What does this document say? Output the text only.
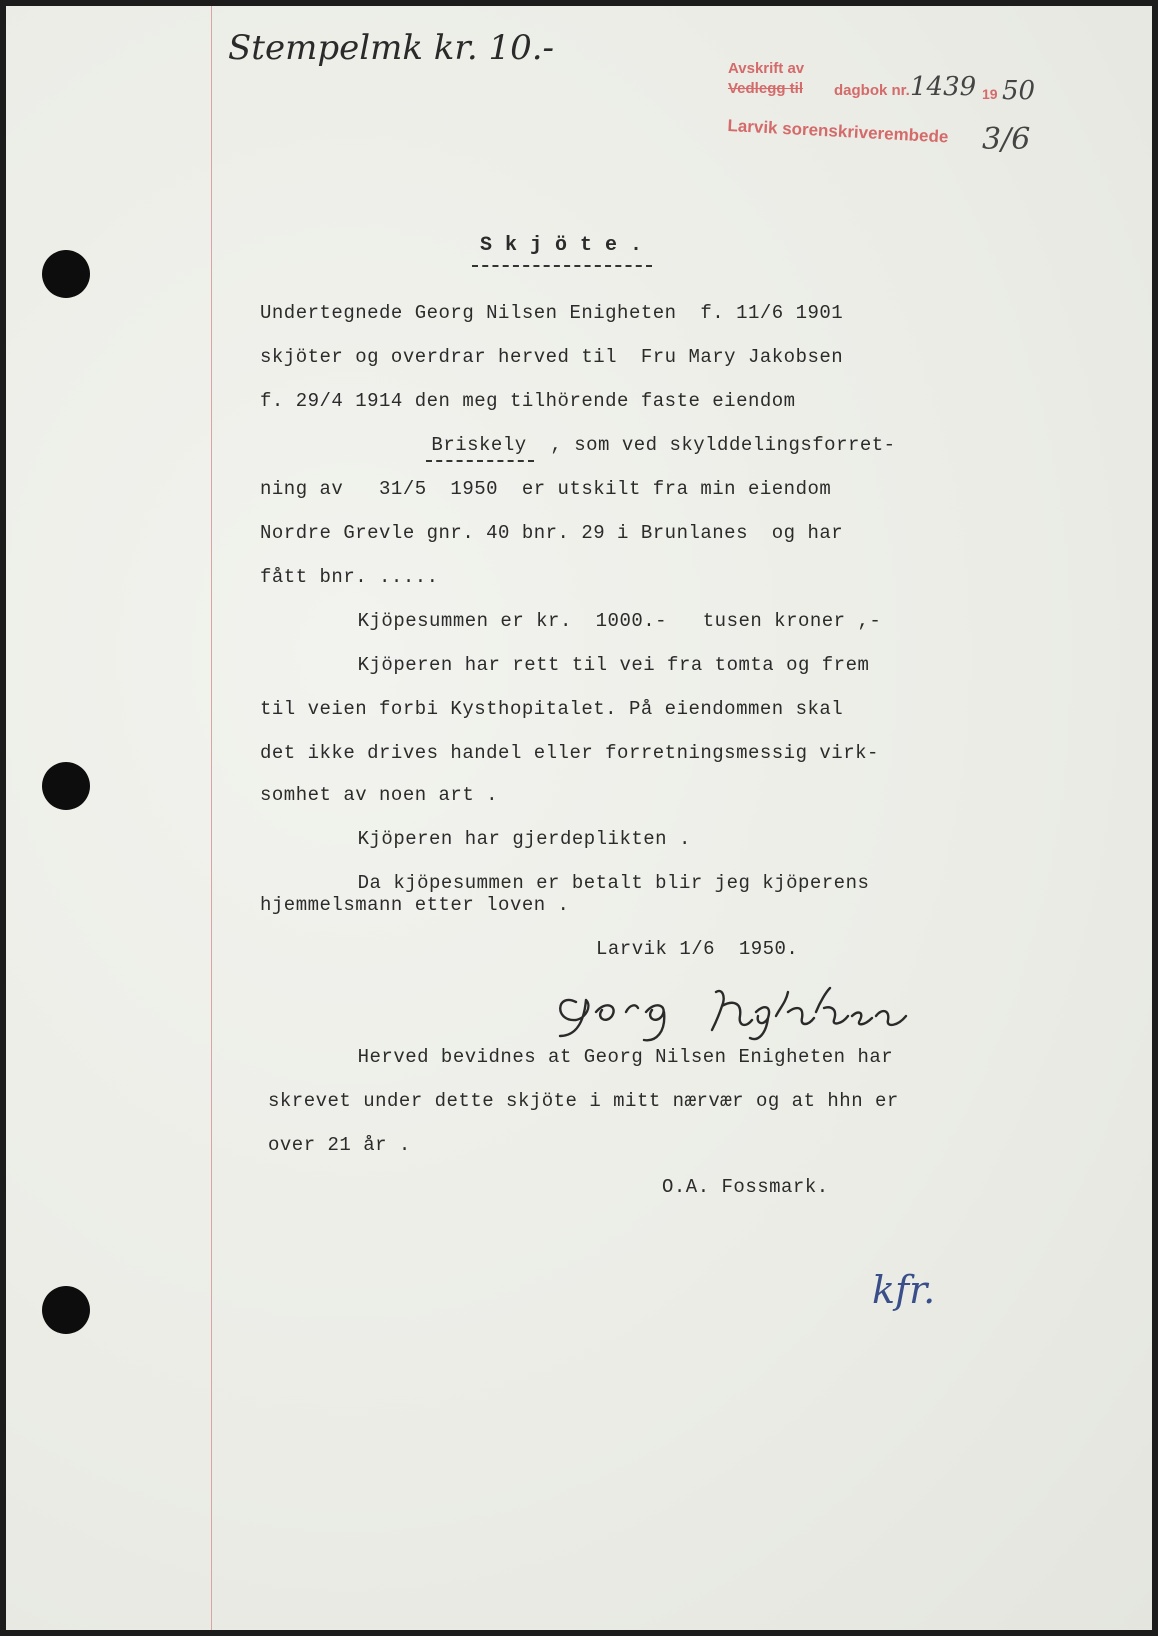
Stempelmk kr. 10.-
Avskrift av
Vedlegg til dagbok nr. 1439 19 50
Larvik sorenskriverembede 3/6
S k j ö t e .
Undertegnede Georg Nilsen Enigheten  f. 11/6 1901
skjöter og overdrar herved til  Fru Mary Jakobsen
f. 29/4 1914 den meg tilhörende faste eiendom
Briskely  , som ved skylddelingsforret-
ning av   31/5  1950  er utskilt fra min eiendom
Nordre Grevle gnr. 40 bnr. 29 i Brunlanes  og har
fått bnr. .....
Kjöpesummen er kr.  1000.-   tusen kroner ,-
Kjöperen har rett til vei fra tomta og frem
til veien forbi Kysthopitalet. På eiendommen skal
det ikke drives handel eller forretningsmessig virk-
somhet av noen art .
Kjöperen har gjerdeplikten .
Da kjöpesummen er betalt blir jeg kjöperens
hjemmelsmann etter loven .
Larvik 1/6  1950.
Herved bevidnes at Georg Nilsen Enigheten har
skrevet under dette skjöte i mitt nærvær og at hhn er
over 21 år .
O.A. Fossmark.
kfr.
